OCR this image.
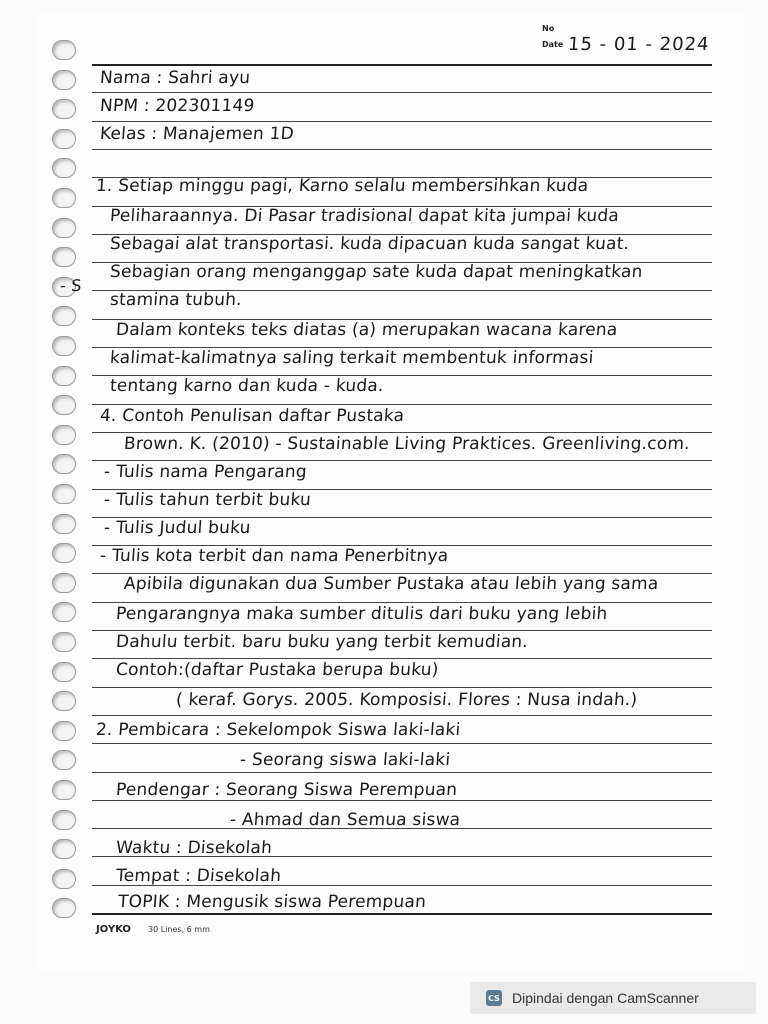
No
Date 15 - 01 - 2024
Nama : Sahri ayu
NPM : 202301149
Kelas : Manajemen 1D
1. Setiap minggu pagi, Karno selalu membersihkan kuda
Peliharaannya. Di Pasar tradisional dapat kita jumpai kuda
Sebagai alat transportasi. kuda dipacuan kuda sangat kuat.
Sebagian orang menganggap sate kuda dapat meningkatkan
stamina tubuh.
Dalam konteks teks diatas (a) merupakan wacana karena
kalimat-kalimatnya saling terkait membentuk informasi
tentang karno dan kuda - kuda.
4. Contoh Penulisan daftar Pustaka
Brown. K. (2010) - Sustainable Living Praktices. Greenliving.com.
- Tulis nama Pengarang
- Tulis tahun terbit buku
- Tulis Judul buku
- Tulis kota terbit dan nama Penerbitnya
Apibila digunakan dua Sumber Pustaka atau lebih yang sama
Pengarangnya maka sumber ditulis dari buku yang lebih
Dahulu terbit. baru buku yang terbit kemudian.
Contoh:(daftar Pustaka berupa buku)
( keraf. Gorys. 2005. Komposisi. Flores : Nusa indah.)
2. Pembicara : Sekelompok Siswa laki-laki
- Seorang siswa laki-laki
Pendengar : Seorang Siswa Perempuan
- Ahmad dan Semua siswa
Waktu : Disekolah
Tempat : Disekolah
TOPIK : Mengusik siswa Perempuan
- S
JOYKO 30 Lines, 6 mm
CS Dipindai dengan CamScanner
